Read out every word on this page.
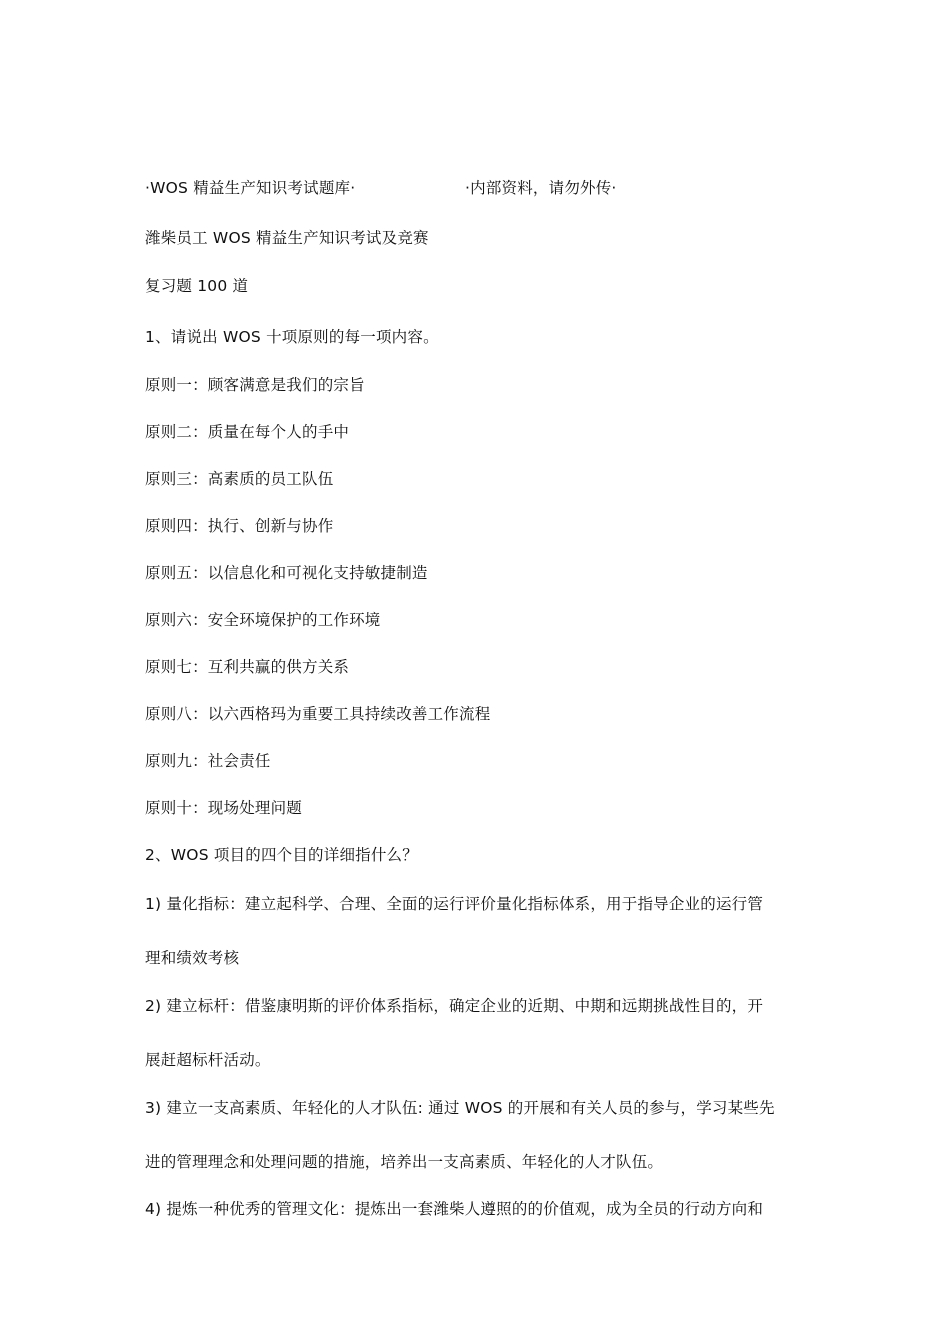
·WOS 精益生产知识考试题库·	·内部资料，请勿外传·
潍柴员工 WOS 精益生产知识考试及竞赛
复习题 100 道
1、请说出 WOS 十项原则的每一项内容。
原则一：顾客满意是我们的宗旨
原则二：质量在每个人的手中
原则三：高素质的员工队伍
原则四：执行、创新与协作
原则五：以信息化和可视化支持敏捷制造
原则六：安全环境保护的工作环境
原则七：互利共赢的供方关系
原则八：以六西格玛为重要工具持续改善工作流程
原则九：社会责任
原则十：现场处理问题
2、WOS 项目的四个目的详细指什么？
1) 量化指标：建立起科学、合理、全面的运行评价量化指标体系，用于指导企业的运行管
理和绩效考核
2) 建立标杆：借鉴康明斯的评价体系指标，确定企业的近期、中期和远期挑战性目的，开
展赶超标杆活动。
3) 建立一支高素质、年轻化的人才队伍: 通过 WOS 的开展和有关人员的参与，学习某些先
进的管理理念和处理问题的措施，培养出一支高素质、年轻化的人才队伍。
4) 提炼一种优秀的管理文化：提炼出一套潍柴人遵照的的价值观，成为全员的行动方向和
